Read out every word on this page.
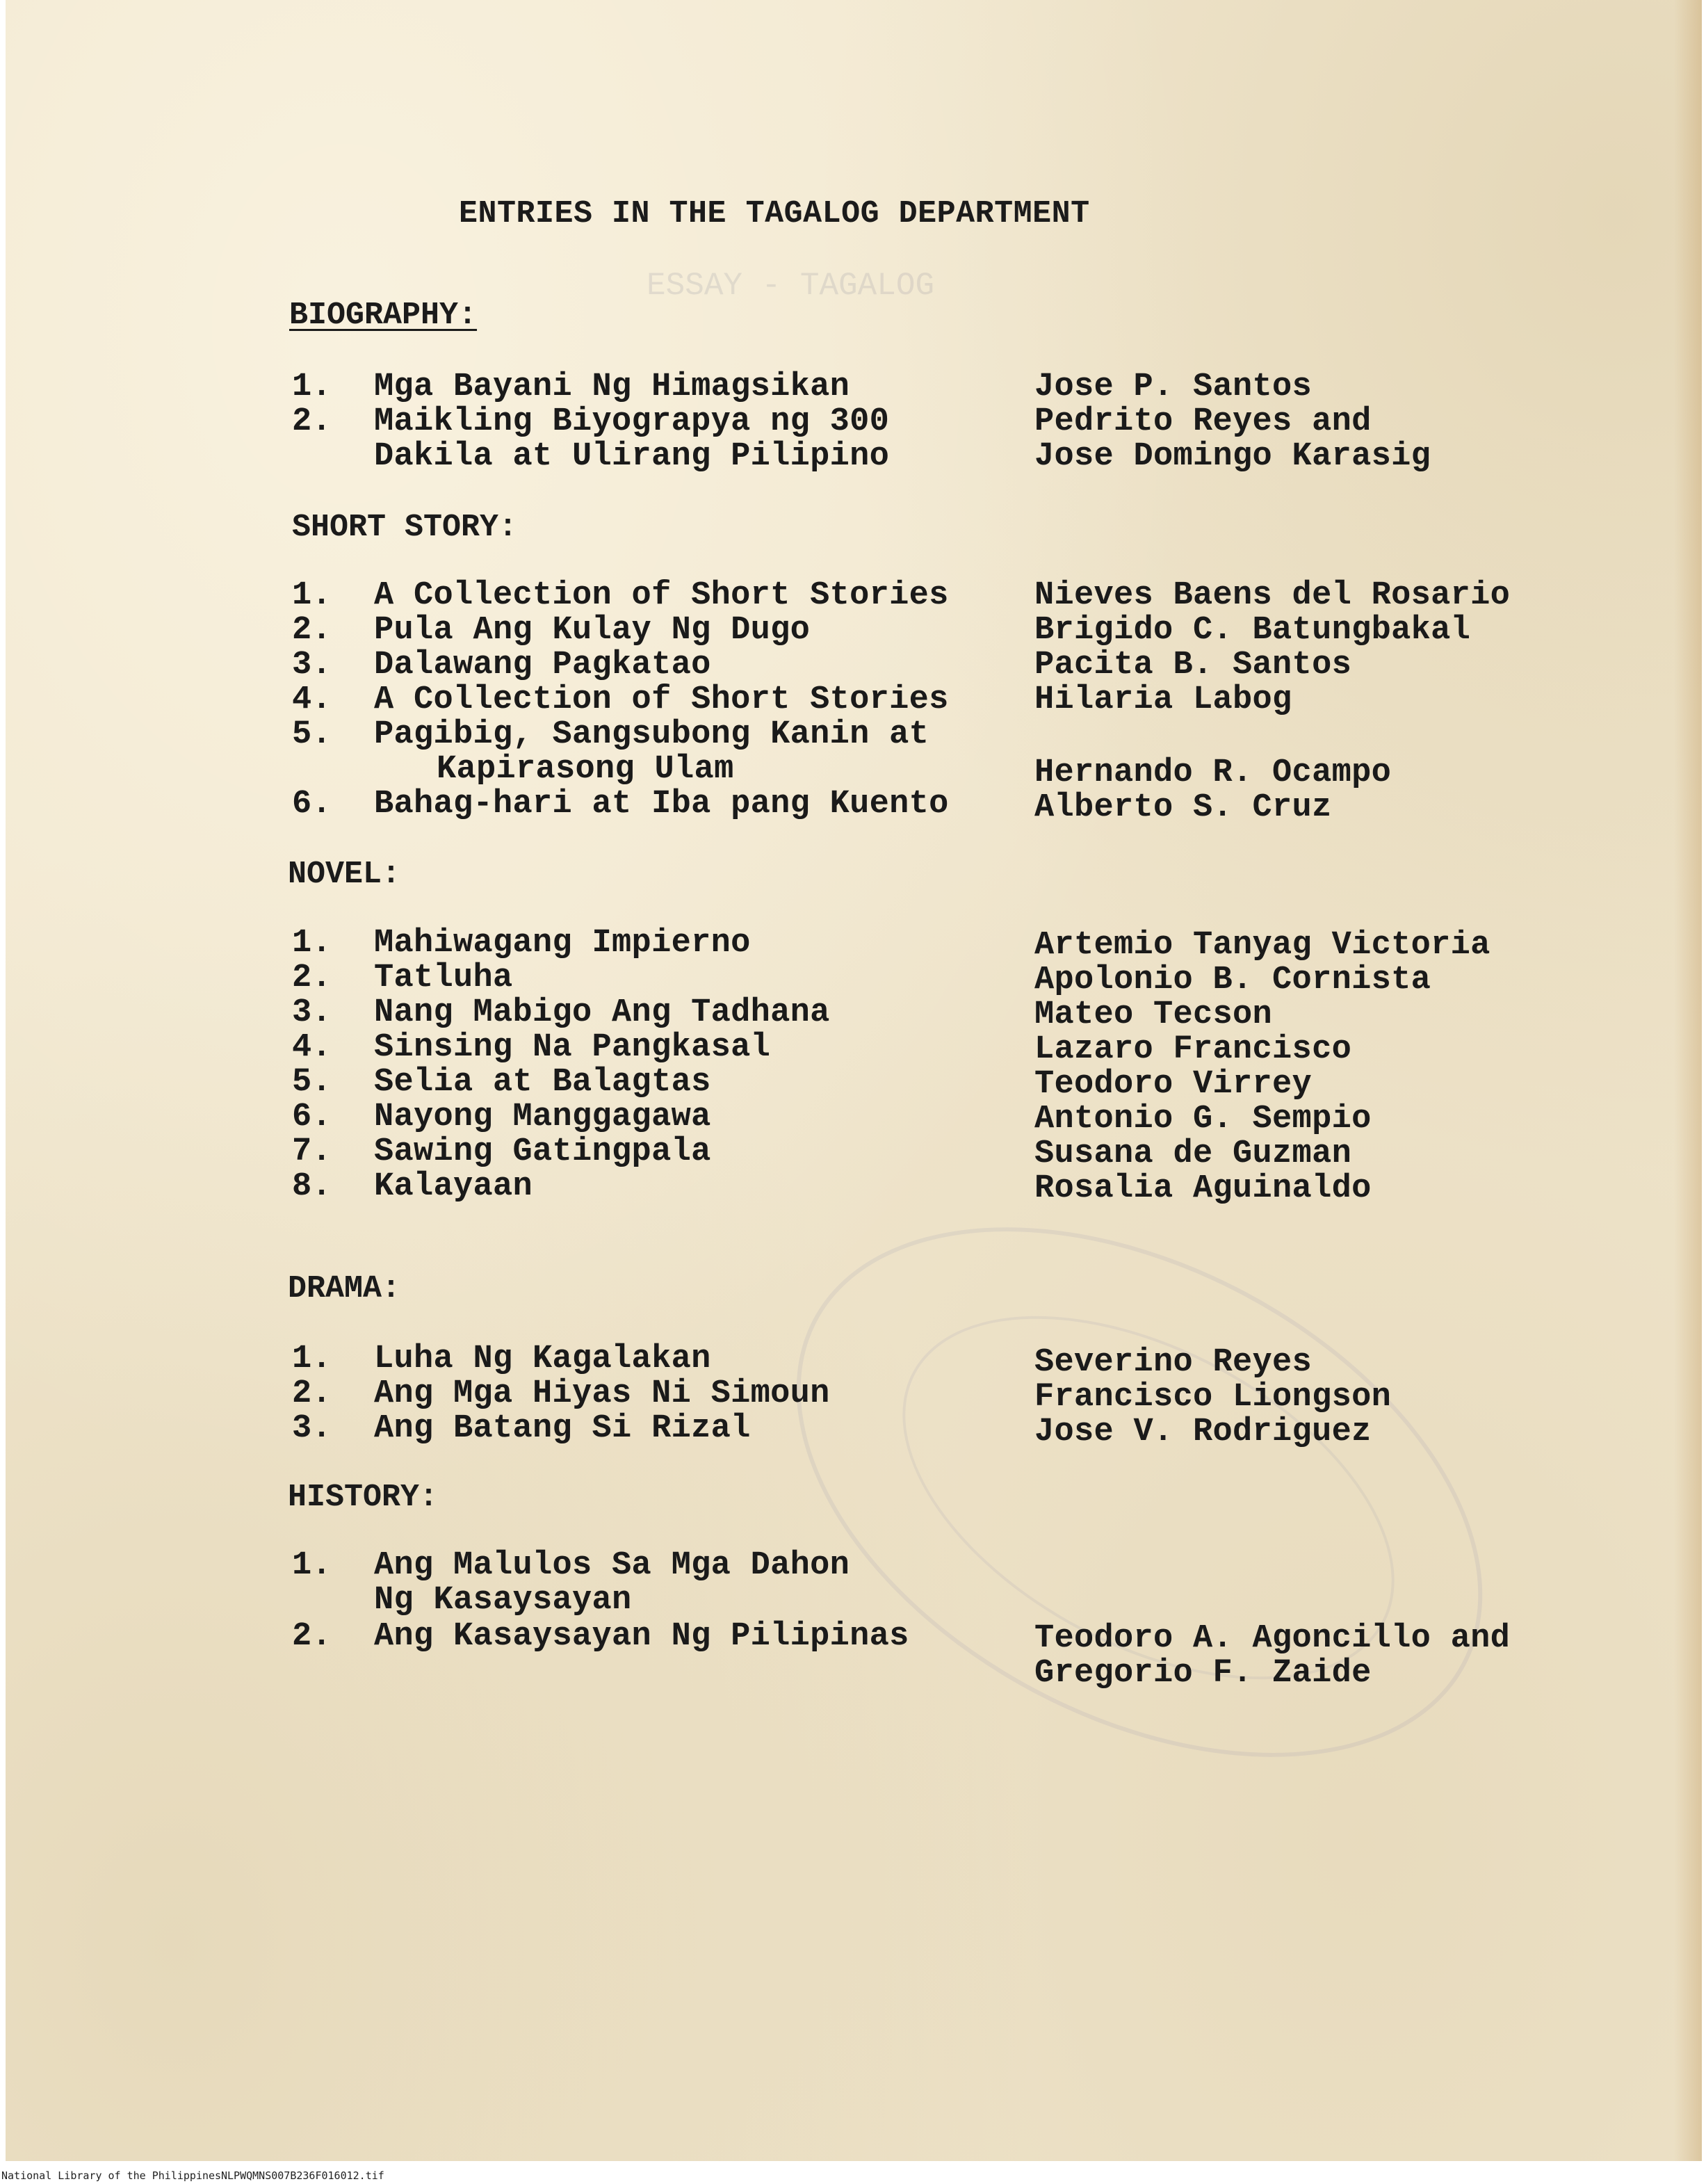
ESSAY - TAGALOG
ENTRIES IN THE TAGALOG DEPARTMENT
BIOGRAPHY:
1. Mga Bayani Ng Himagsikan	Jose P. Santos
2. Maikling Biyograpya ng 300	Pedrito Reyes and
Dakila at Ulirang Pilipino	Jose Domingo Karasig
SHORT STORY:
1. A Collection of Short Stories	Nieves Baens del Rosario
2. Pula Ang Kulay Ng Dugo	Brigido C. Batungbakal
3. Dalawang Pagkatao	Pacita B. Santos
4. A Collection of Short Stories	Hilaria Labog
5. Pagibig, Sangsubong Kanin at
Kapirasong Ulam	Hernando R. Ocampo
6. Bahag-hari at Iba pang Kuento	Alberto S. Cruz
NOVEL:
1. Mahiwagang Impierno	Artemio Tanyag Victoria
2. Tatluha	Apolonio B. Cornista
3. Nang Mabigo Ang Tadhana	Mateo Tecson
4. Sinsing Na Pangkasal	Lazaro Francisco
5. Selia at Balagtas	Teodoro Virrey
6. Nayong Manggagawa	Antonio G. Sempio
7. Sawing Gatingpala	Susana de Guzman
8. Kalayaan	Rosalia Aguinaldo
DRAMA:
1. Luha Ng Kagalakan	Severino Reyes
2. Ang Mga Hiyas Ni Simoun	Francisco Liongson
3. Ang Batang Si Rizal	Jose V. Rodriguez
HISTORY:
1. Ang Malulos Sa Mga Dahon
Ng Kasaysayan
2. Ang Kasaysayan Ng Pilipinas	Teodoro A. Agoncillo and
Gregorio F. Zaide
National Library of the Philippines NLPWQMNS007B236F016012.tif
